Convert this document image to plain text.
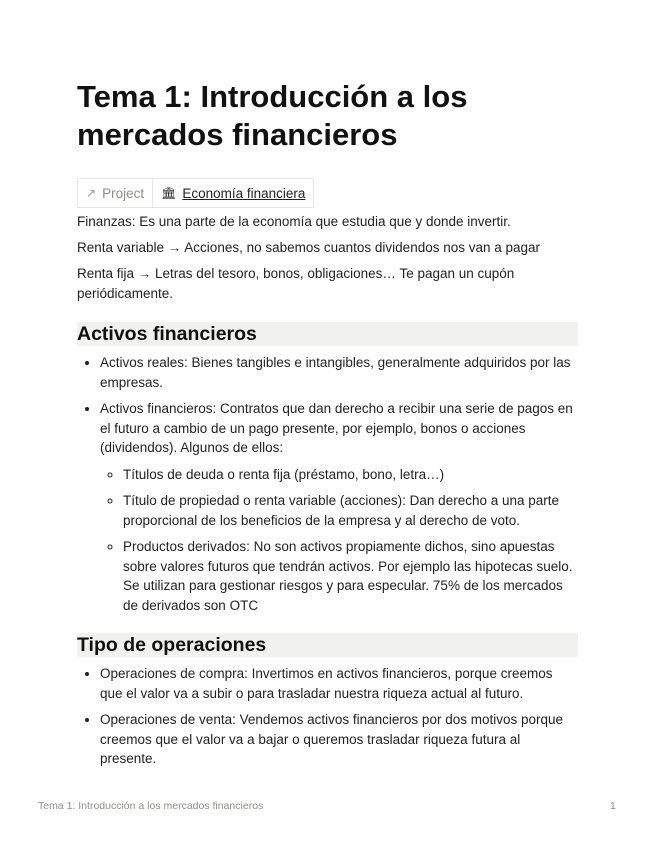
Tema 1: Introducción a los mercados financieros
↗ Project 🏛 Economía financiera

Finanzas: Es una parte de la economía que estudia que y donde invertir.

Renta variable → Acciones, no sabemos cuantos dividendos nos van a pagar

Renta fija → Letras del tesoro, bonos, obligaciones… Te pagan un cupón periódicamente.

Activos financieros
• Activos reales: Bienes tangibles e intangibles, generalmente adquiridos por las empresas.
• Activos financieros: Contratos que dan derecho a recibir una serie de pagos en el futuro a cambio de un pago presente, por ejemplo, bonos o acciones (dividendos). Algunos de ellos:
◦ Títulos de deuda o renta fija (préstamo, bono, letra…)
◦ Título de propiedad o renta variable (acciones): Dan derecho a una parte proporcional de los beneficios de la empresa y al derecho de voto.
◦ Productos derivados: No son activos propiamente dichos, sino apuestas sobre valores futuros que tendrán activos. Por ejemplo las hipotecas suelo. Se utilizan para gestionar riesgos y para especular. 75% de los mercados de derivados son OTC
Tipo de operaciones
• Operaciones de compra: Invertimos en activos financieros, porque creemos que el valor va a subir o para trasladar nuestra riqueza actual al futuro.
• Operaciones de venta: Vendemos activos financieros por dos motivos porque creemos que el valor va a bajar o queremos trasladar riqueza futura al presente.
Tema 1: Introducción a los mercados financieros	1
